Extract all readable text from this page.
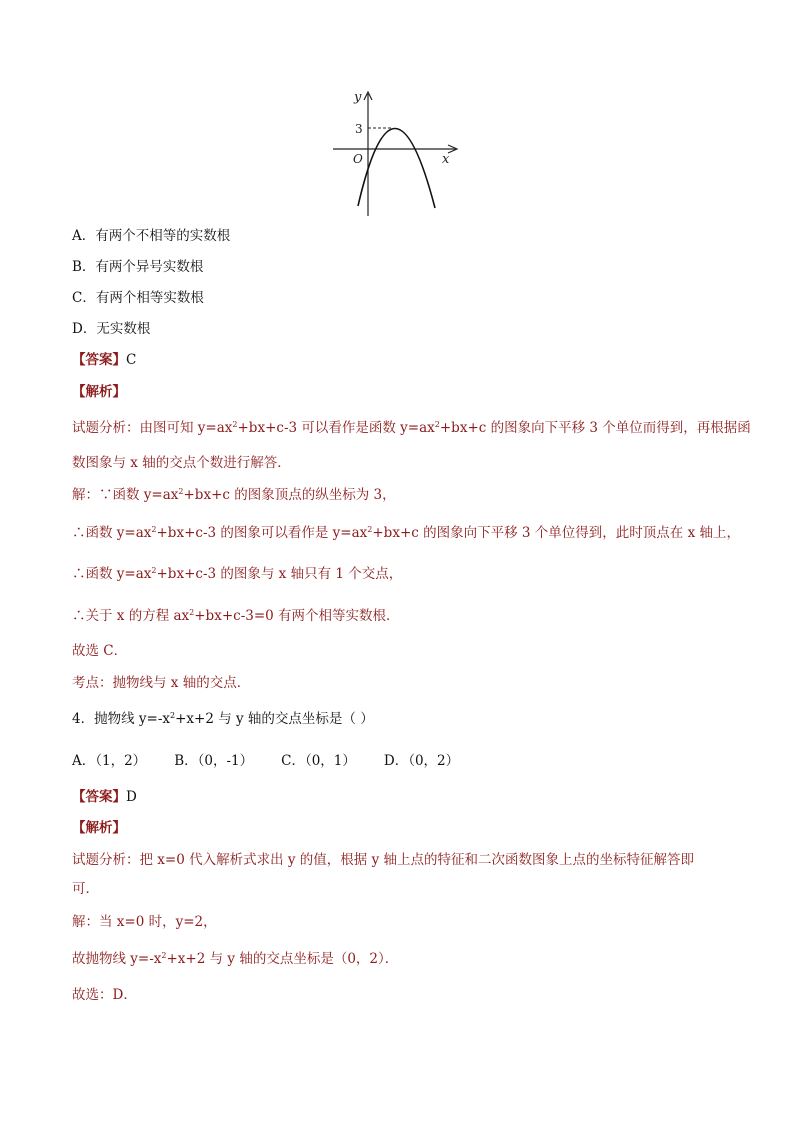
y
x
O
3
A．有两个不相等的实数根
B．有两个异号实数根
C．有两个相等实数根
D．无实数根
【答案】C
【解析】
试题分析：由图可知 $y=ax^2+bx+c-3$ 可以看作是函数 $y=ax^2+bx+c$ 的图象向下平移 3 个单位而得到，再根据函
数图象与 x 轴的交点个数进行解答．
解：∵函数 $y=ax^2+bx+c$ 的图象顶点的纵坐标为 3，
∴函数 $y=ax^2+bx+c-3$ 的图象可以看作是 $y=ax^2+bx+c$ 的图象向下平移 3 个单位得到，此时顶点在 x 轴上，
∴函数 $y=ax^2+bx+c-3$ 的图象与 x 轴只有 1 个交点，
∴关于 x 的方程 $ax^2+bx+c-3=0$ 有两个相等实数根．
故选 C．
考点：抛物线与 x 轴的交点．
4．抛物线 $y=-x^2+x+2$ 与 y 轴的交点坐标是（ ）
A．（1，2） B．（0，-1） C．（0，1） D．（0，2）
【答案】D
【解析】
试题分析：把 x=0 代入解析式求出 y 的值，根据 y 轴上点的特征和二次函数图象上点的坐标特征解答即
可．
解：当 x=0 时，y=2，
故抛物线 $y=-x^2+x+2$ 与 y 轴的交点坐标是（0，2）．
故选：D．
